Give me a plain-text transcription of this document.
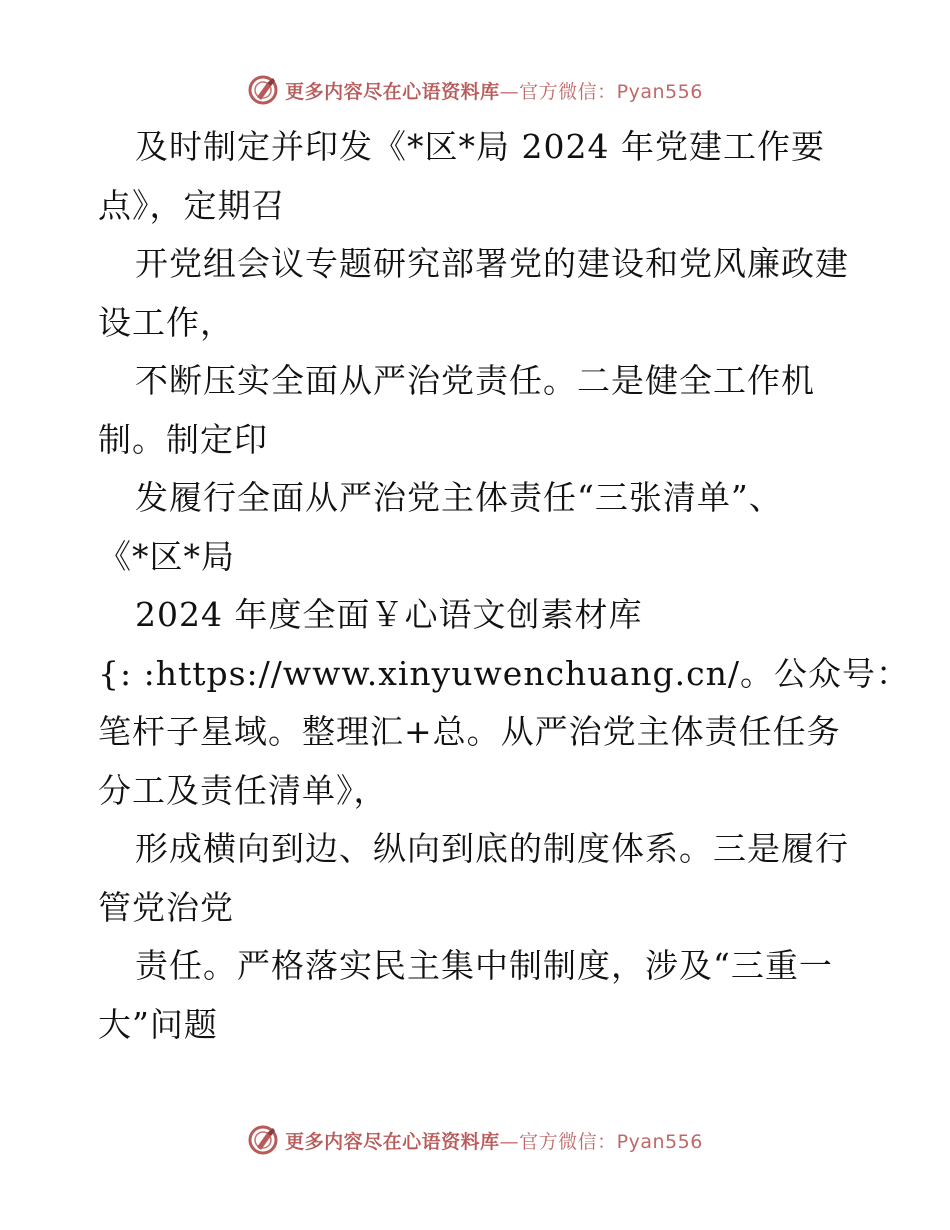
更多内容尽在心语资料库—官方微信：Pyan556
及时制定并印发《*区*局 2024 年党建工作要
点》，定期召
开党组会议专题研究部署党的建设和党风廉政建
设工作，
不断压实全面从严治党责任。二是健全工作机
制。制定印
发履行全面从严治党主体责任“三张清单”、
《*区*局
2024 年度全面￥心语文创素材库
{: :https://www.xinyuwenchuang.cn/。公众号：
笔杆子星域。整理汇+总。从严治党主体责任任务
分工及责任清单》，
形成横向到边、纵向到底的制度体系。三是履行
管党治党
责任。严格落实民主集中制制度，涉及“三重一
大”问题
更多内容尽在心语资料库—官方微信：Pyan556
